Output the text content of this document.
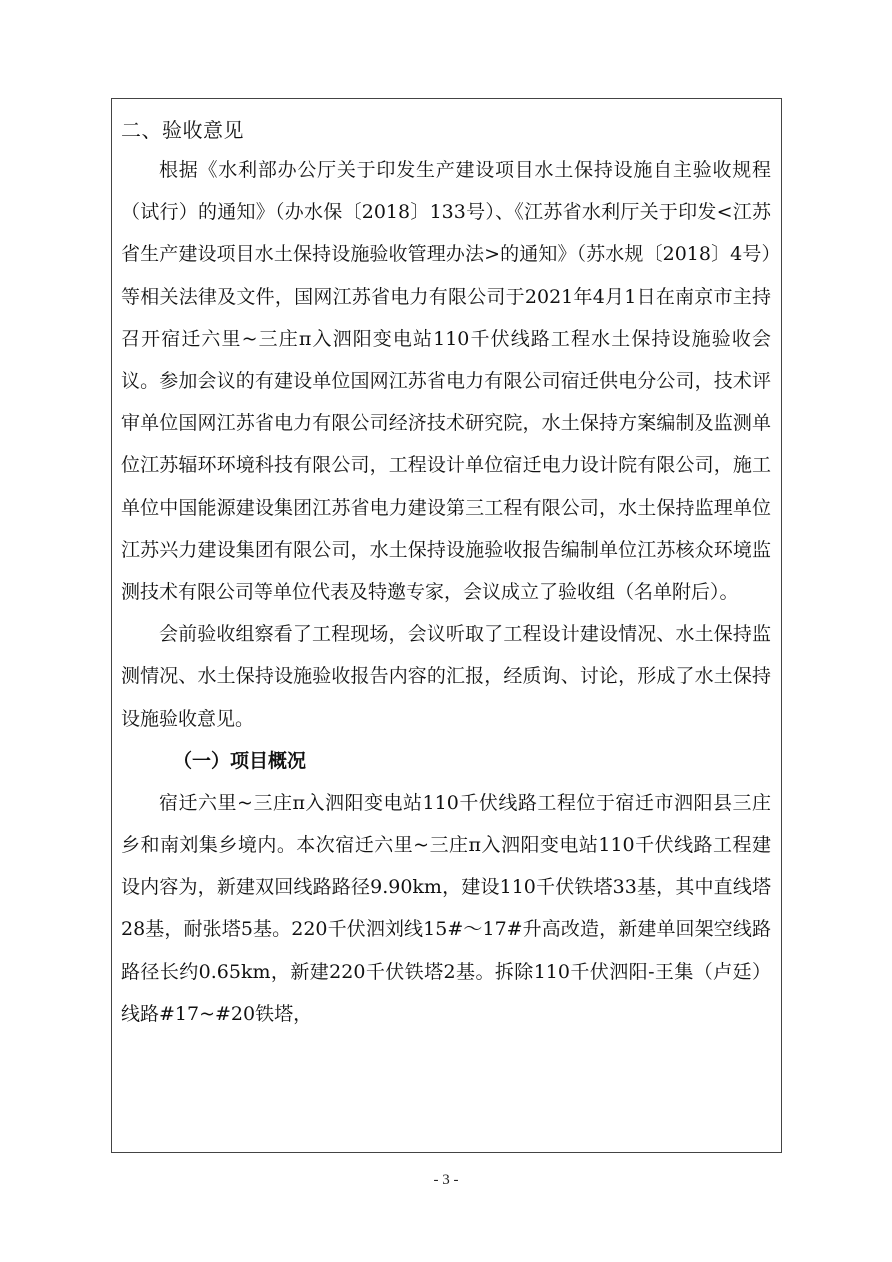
二、验收意见

根据《水利部办公厅关于印发生产建设项目水土保持设施自主验收规程（试行）的通知》（办水保〔2018〕133号）、《江苏省水利厅关于印发<江苏省生产建设项目水土保持设施验收管理办法>的通知》（苏水规〔2018〕4号）等相关法律及文件，国网江苏省电力有限公司于2021年4月1日在南京市主持召开宿迁六里~三庄π入泗阳变电站110千伏线路工程水土保持设施验收会议。参加会议的有建设单位国网江苏省电力有限公司宿迁供电分公司，技术评审单位国网江苏省电力有限公司经济技术研究院，水土保持方案编制及监测单位江苏辐环环境科技有限公司，工程设计单位宿迁电力设计院有限公司，施工单位中国能源建设集团江苏省电力建设第三工程有限公司，水土保持监理单位江苏兴力建设集团有限公司，水土保持设施验收报告编制单位江苏核众环境监测技术有限公司等单位代表及特邀专家，会议成立了验收组（名单附后）。

会前验收组察看了工程现场，会议听取了工程设计建设情况、水土保持监测情况、水土保持设施验收报告内容的汇报，经质询、讨论，形成了水土保持设施验收意见。

（一）项目概况

宿迁六里~三庄π入泗阳变电站110千伏线路工程位于宿迁市泗阳县三庄乡和南刘集乡境内。本次宿迁六里~三庄π入泗阳变电站110千伏线路工程建设内容为，新建双回线路路径9.90km，建设110千伏铁塔33基，其中直线塔28基，耐张塔5基。220千伏泗刘线15#～17#升高改造，新建单回架空线路路径长约0.65km，新建220千伏铁塔2基。拆除110千伏泗阳-王集（卢廷）线路#17~#20铁塔，

- 3 -
